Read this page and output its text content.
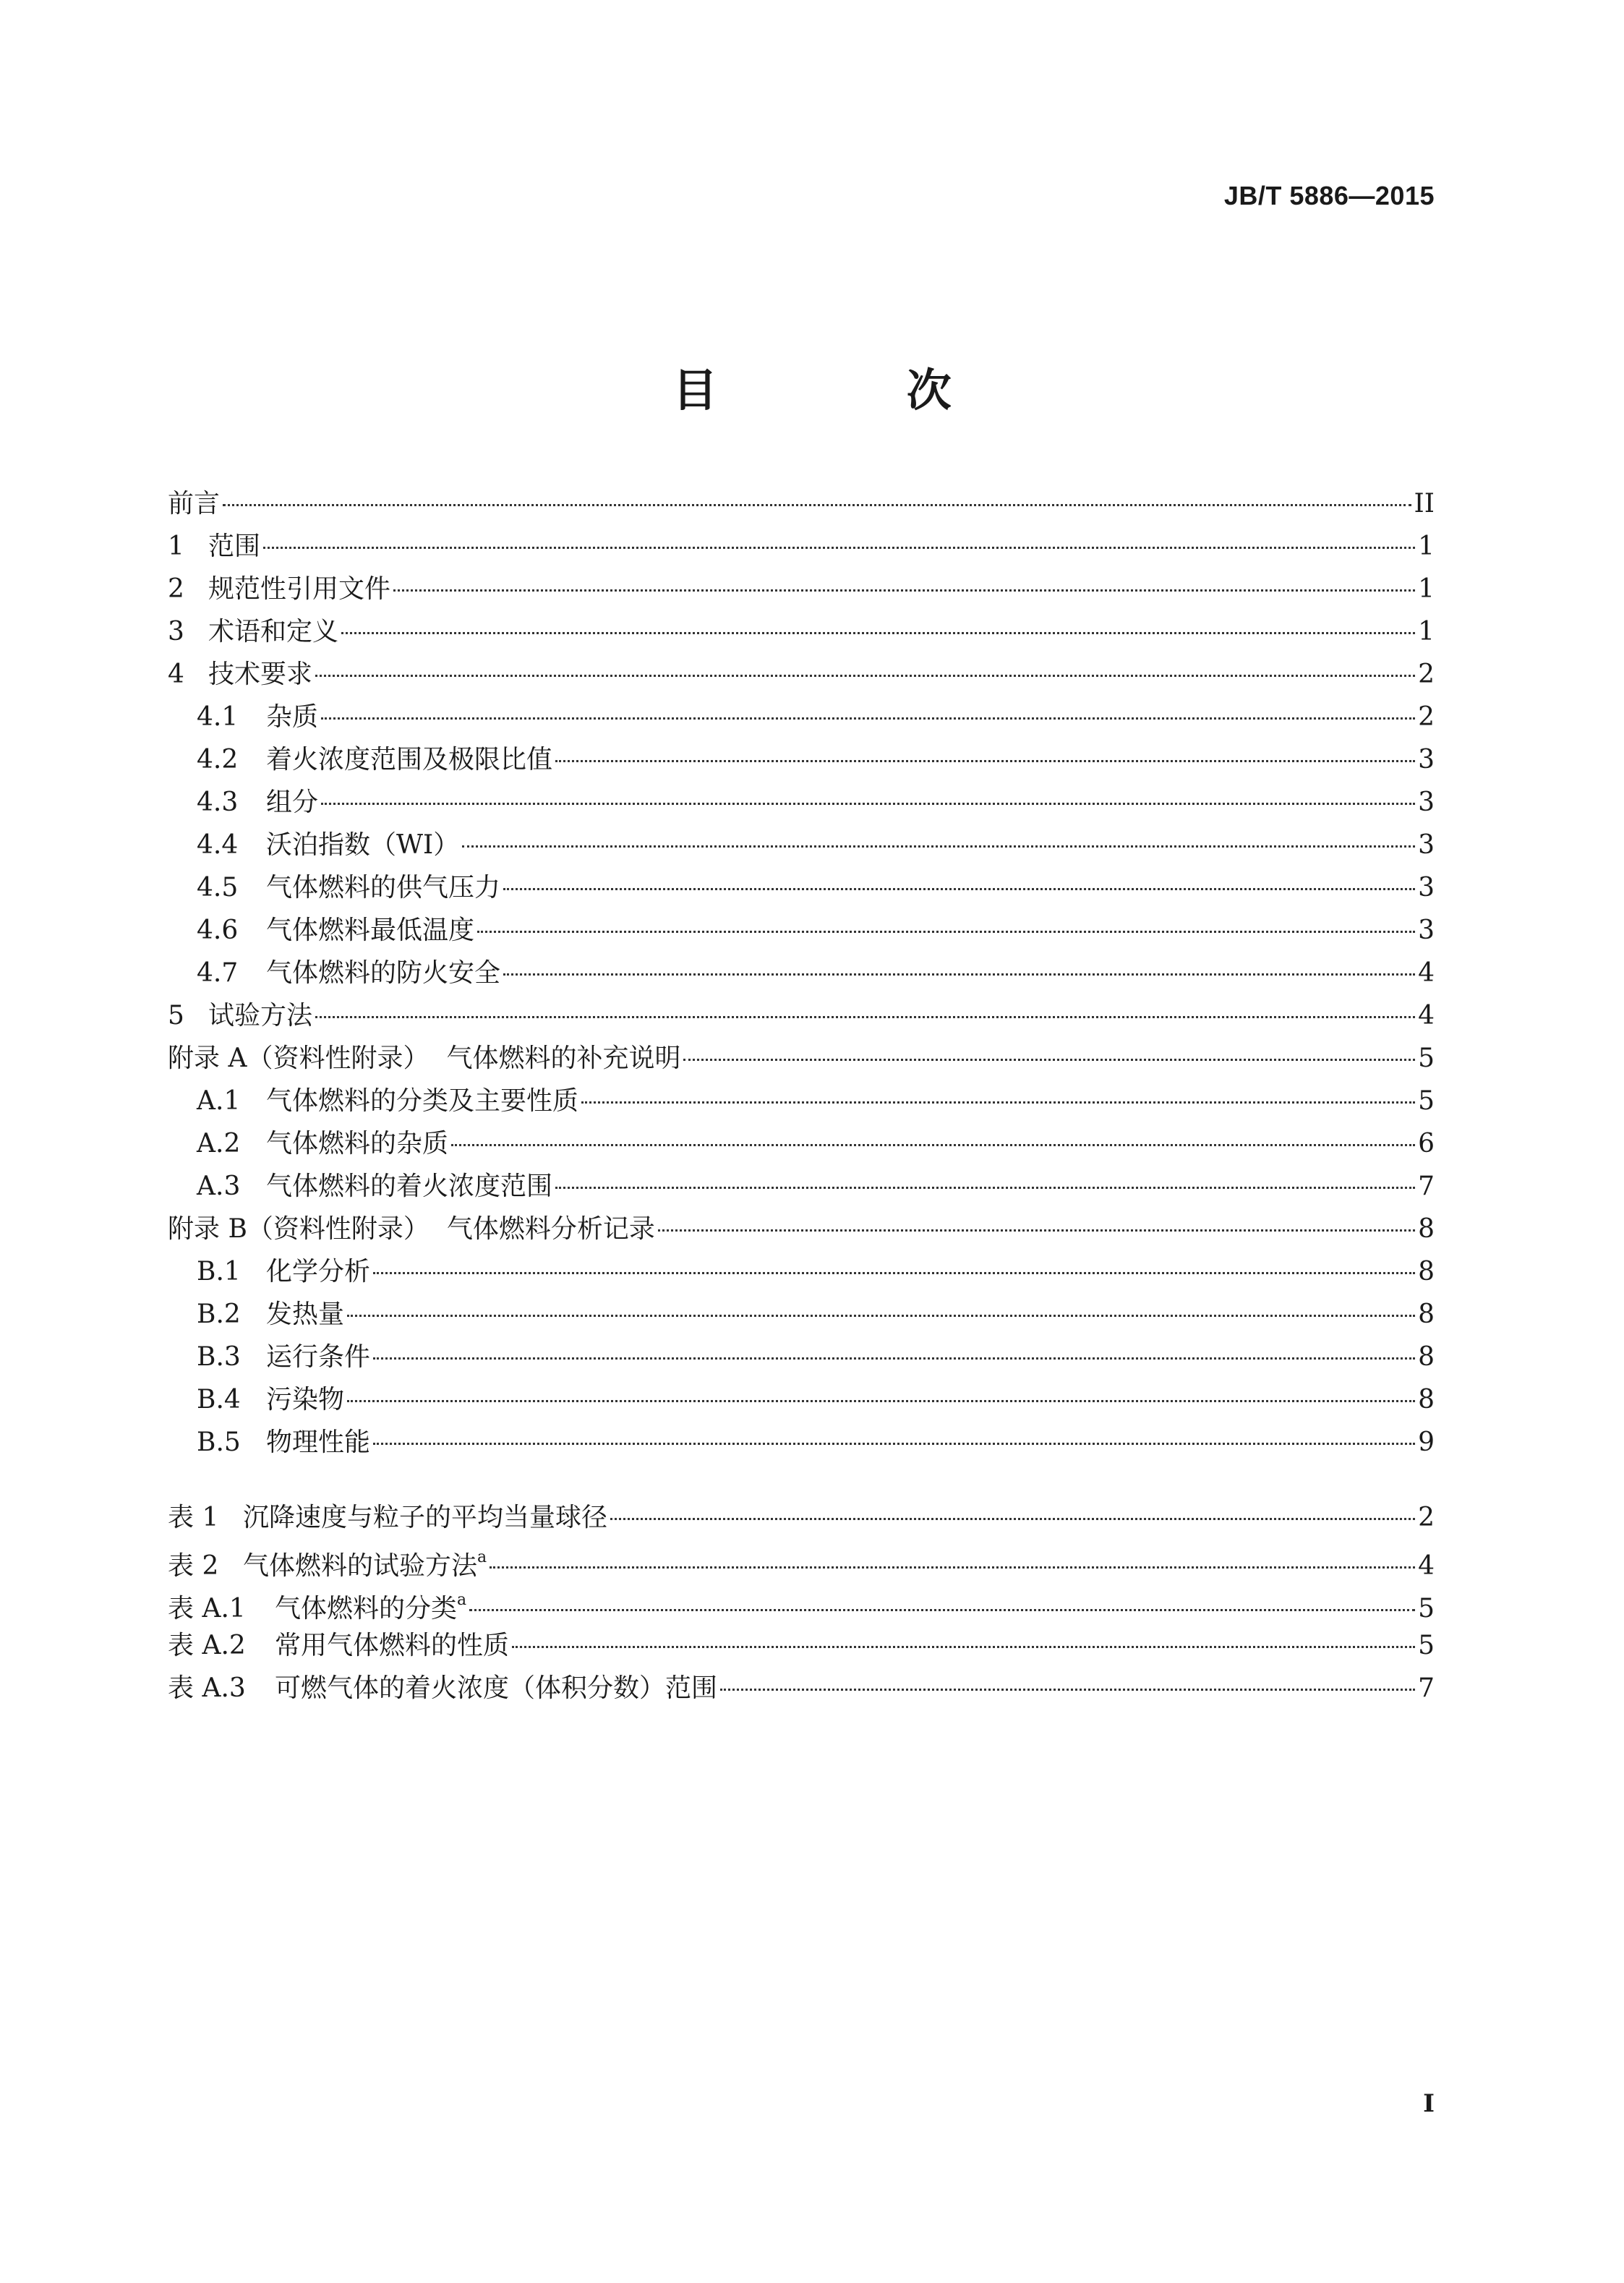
JB/T 5886—2015
目 次
前言	II
1 范围	1
2 规范性引用文件	1
3 术语和定义	1
4 技术要求	2
4.1	杂质	2
4.2	着火浓度范围及极限比值	3
4.3	组分	3
4.4	沃泊指数（WI）	3
4.5	气体燃料的供气压力	3
4.6	气体燃料最低温度	3
4.7	气体燃料的防火安全	4
5 试验方法	4
附录 A（资料性附录） 气体燃料的补充说明	5
A.1 气体燃料的分类及主要性质	5
A.2 气体燃料的杂质	6
A.3 气体燃料的着火浓度范围	7
附录 B（资料性附录） 气体燃料分析记录	8
B.1 化学分析	8
B.2 发热量	8
B.3 运行条件	8
B.4 污染物	8
B.5 物理性能	9
表 1 沉降速度与粒子的平均当量球径	2
表 2 气体燃料的试验方法$^a$	4
表 A.1	气体燃料的分类$^a$	5
表 A.2	常用气体燃料的性质	5
表 A.3	可燃气体的着火浓度（体积分数）范围	7
I
